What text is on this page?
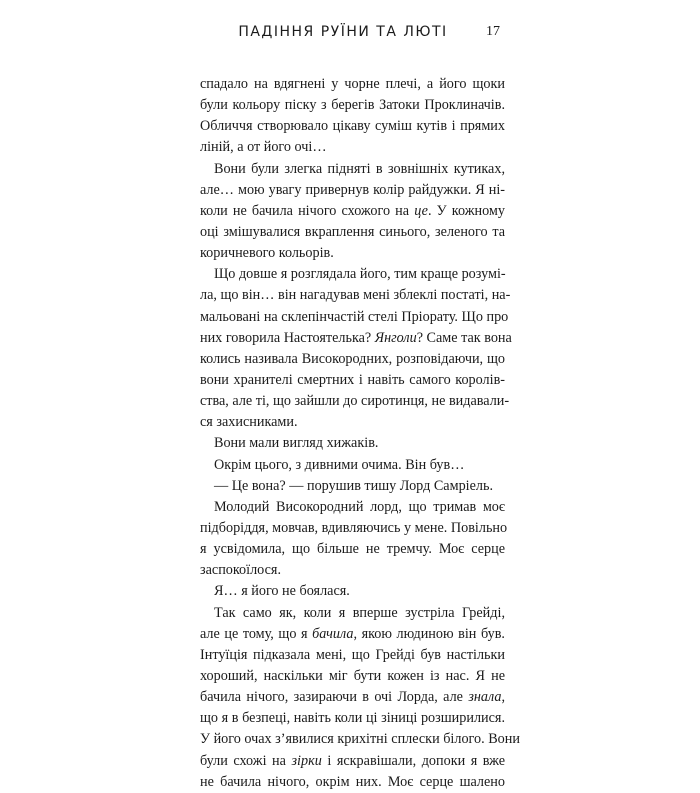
ПАДІННЯ РУЇНИ ТА ЛЮТІ	17
спадало на вдягнені у чорне плечі, а його щоки
були кольору піску з берегів Затоки Проклиначів.
Обличчя створювало цікаву суміш кутів і прямих
ліній, а от його очі…
Вони були злегка підняті в зовнішніх кутиках,
але… мою увагу привернув колір райдужки. Я ні-
коли не бачила нічого схожого на це. У кожному
оці змішувалися вкраплення синього, зеленого та
коричневого кольорів.
Що довше я розглядала його, тим краще розумі-
ла, що він… він нагадував мені зблеклі постаті, на-
мальовані на склепінчастій стелі Пріорату. Що про
них говорила Настоятелька? Янголи? Саме так вона
колись називала Високородних, розповідаючи, що
вони хранителі смертних і навіть самого королів-
ства, але ті, що зайшли до сиротинця, не видавали-
ся захисниками.
Вони мали вигляд хижаків.
Окрім цього, з дивними очима. Він був…
— Це вона? — порушив тишу Лорд Самріель.
Молодий Високородний лорд, що тримав моє
підборіддя, мовчав, вдивляючись у мене. Повільно
я усвідомила, що більше не тремчу. Моє серце
заспокоїлося.
Я… я його не боялася.
Так само як, коли я вперше зустріла Грейді,
але це тому, що я бачила, якою людиною він був.
Інтуїція підказала мені, що Грейді був настільки
хороший, наскільки міг бути кожен із нас. Я не
бачила нічого, зазираючи в очі Лорда, але знала,
що я в безпеці, навіть коли ці зіниці розширилися.
У його очах з’явилися крихітні сплески білого. Вони
були схожі на зірки і яскравішали, допоки я вже
не бачила нічого, окрім них. Моє серце шалено
